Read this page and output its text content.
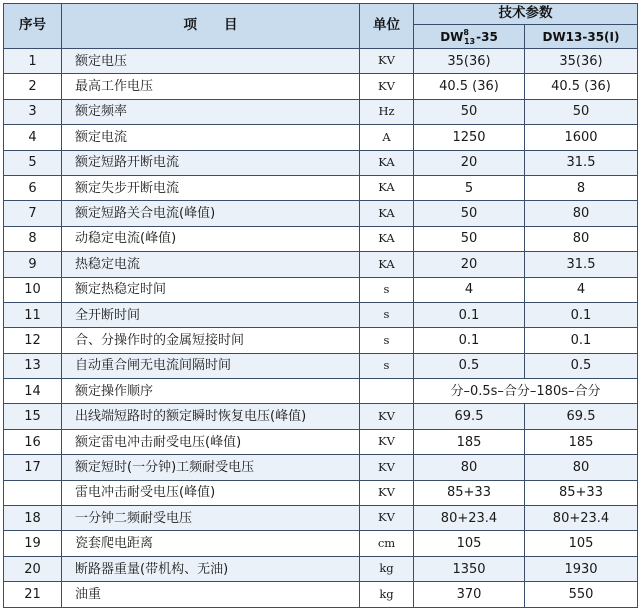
序号	项　　目	单位	技术参数	
			$DW^8_{13}-35$	DW13-35(Ⅰ)
1	额定电压	KV	35(36)	35(36)
2	最高工作电压	KV	40.5 (36)	40.5 (36)
3	额定频率	Hz	50	50
4	额定电流	A	1250	1600
5	额定短路开断电流	KA	20	31.5
6	额定失步开断电流	KA	5	8
7	额定短路关合电流(峰值)	KA	50	80
8	动稳定电流(峰值)	KA	50	80
9	热稳定电流	KA	20	31.5
10	额定热稳定时间	s	4	4
11	全开断时间	s	0.1	0.1
12	合、分操作时的金属短接时间	s	0.1	0.1
13	自动重合闸无电流间隔时间	s	0.5	0.5
14	额定操作顺序		分–0.5s–合分–180s–合分	
15	出线端短路时的额定瞬时恢复电压(峰值)	KV	69.5	69.5
16	额定雷电冲击耐受电压(峰值)	KV	185	185
17	额定短时(一分钟)工频耐受电压	KV	80	80
	雷电冲击耐受电压(峰值)	KV	85+33	85+33
18	一分钟二频耐受电压	KV	80+23.4	80+23.4
19	瓷套爬电距离	cm	105	105
20	断路器重量(带机构、无油)	kg	1350	1930
21	油重	kg	370	550
